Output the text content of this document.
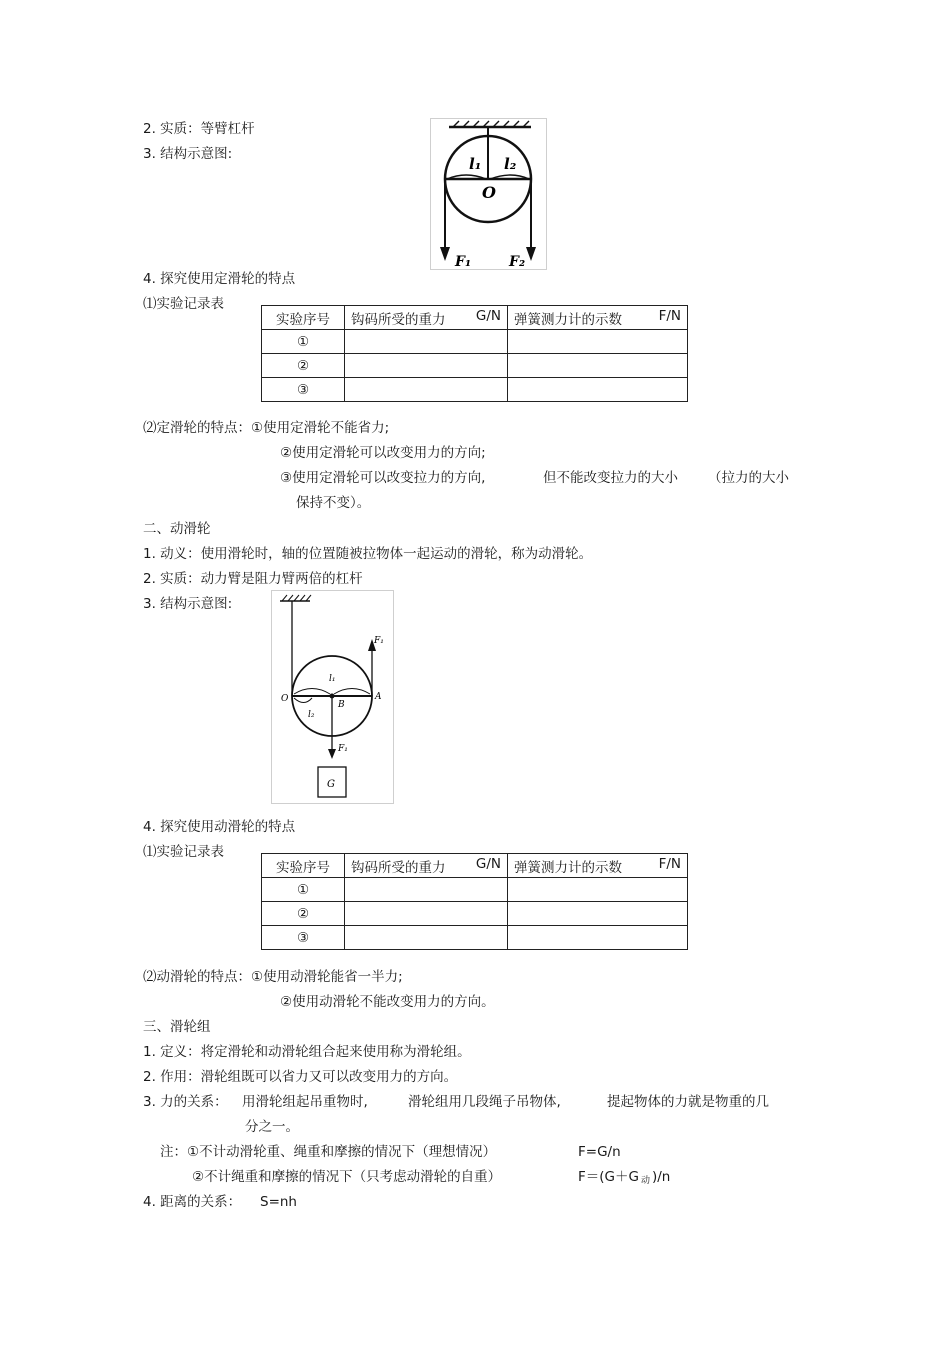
2. 实质：等臂杠杆
3. 结构示意图:
l₁ l₂
O
F₁	F₂
4. 探究使用定滑轮的特点
⑴实验记录表
实验序号	钩码所受的重力 G/N	弹簧测力计的示数 F/N

①		
②		
③		
⑵定滑轮的特点：①使用定滑轮不能省力;
②使用定滑轮可以改变用力的方向;
③使用定滑轮可以改变拉力的方向,	但不能改变拉力的大小 （拉力的大小
保持不变）。
二、动滑轮
1. 动义：使用滑轮时，轴的位置随被拉物体一起运动的滑轮，称为动滑轮。
2. 实质：动力臂是阻力臂两倍的杠杆
3. 结构示意图:
F₁
l₁
O	A
B
l₂
F₁
G
4. 探究使用动滑轮的特点
⑴实验记录表
实验序号	钩码所受的重力 G/N	弹簧测力计的示数 F/N

①		
②		
③		
⑵动滑轮的特点：①使用动滑轮能省一半力;
②使用动滑轮不能改变用力的方向。
三、滑轮组
1. 定义：将定滑轮和动滑轮组合起来使用称为滑轮组。
2. 作用：滑轮组既可以省力又可以改变用力的方向。
3. 力的关系： 用滑轮组起吊重物时,	滑轮组用几段绳子吊物体,	提起物体的力就是物重的几
分之一。
注：①不计动滑轮重、绳重和摩擦的情况下（理想情况）	F=G/n
②不计绳重和摩擦的情况下（只考虑动滑轮的自重）	F＝(G＋G 动 )/n
4. 距离的关系： S=nh
